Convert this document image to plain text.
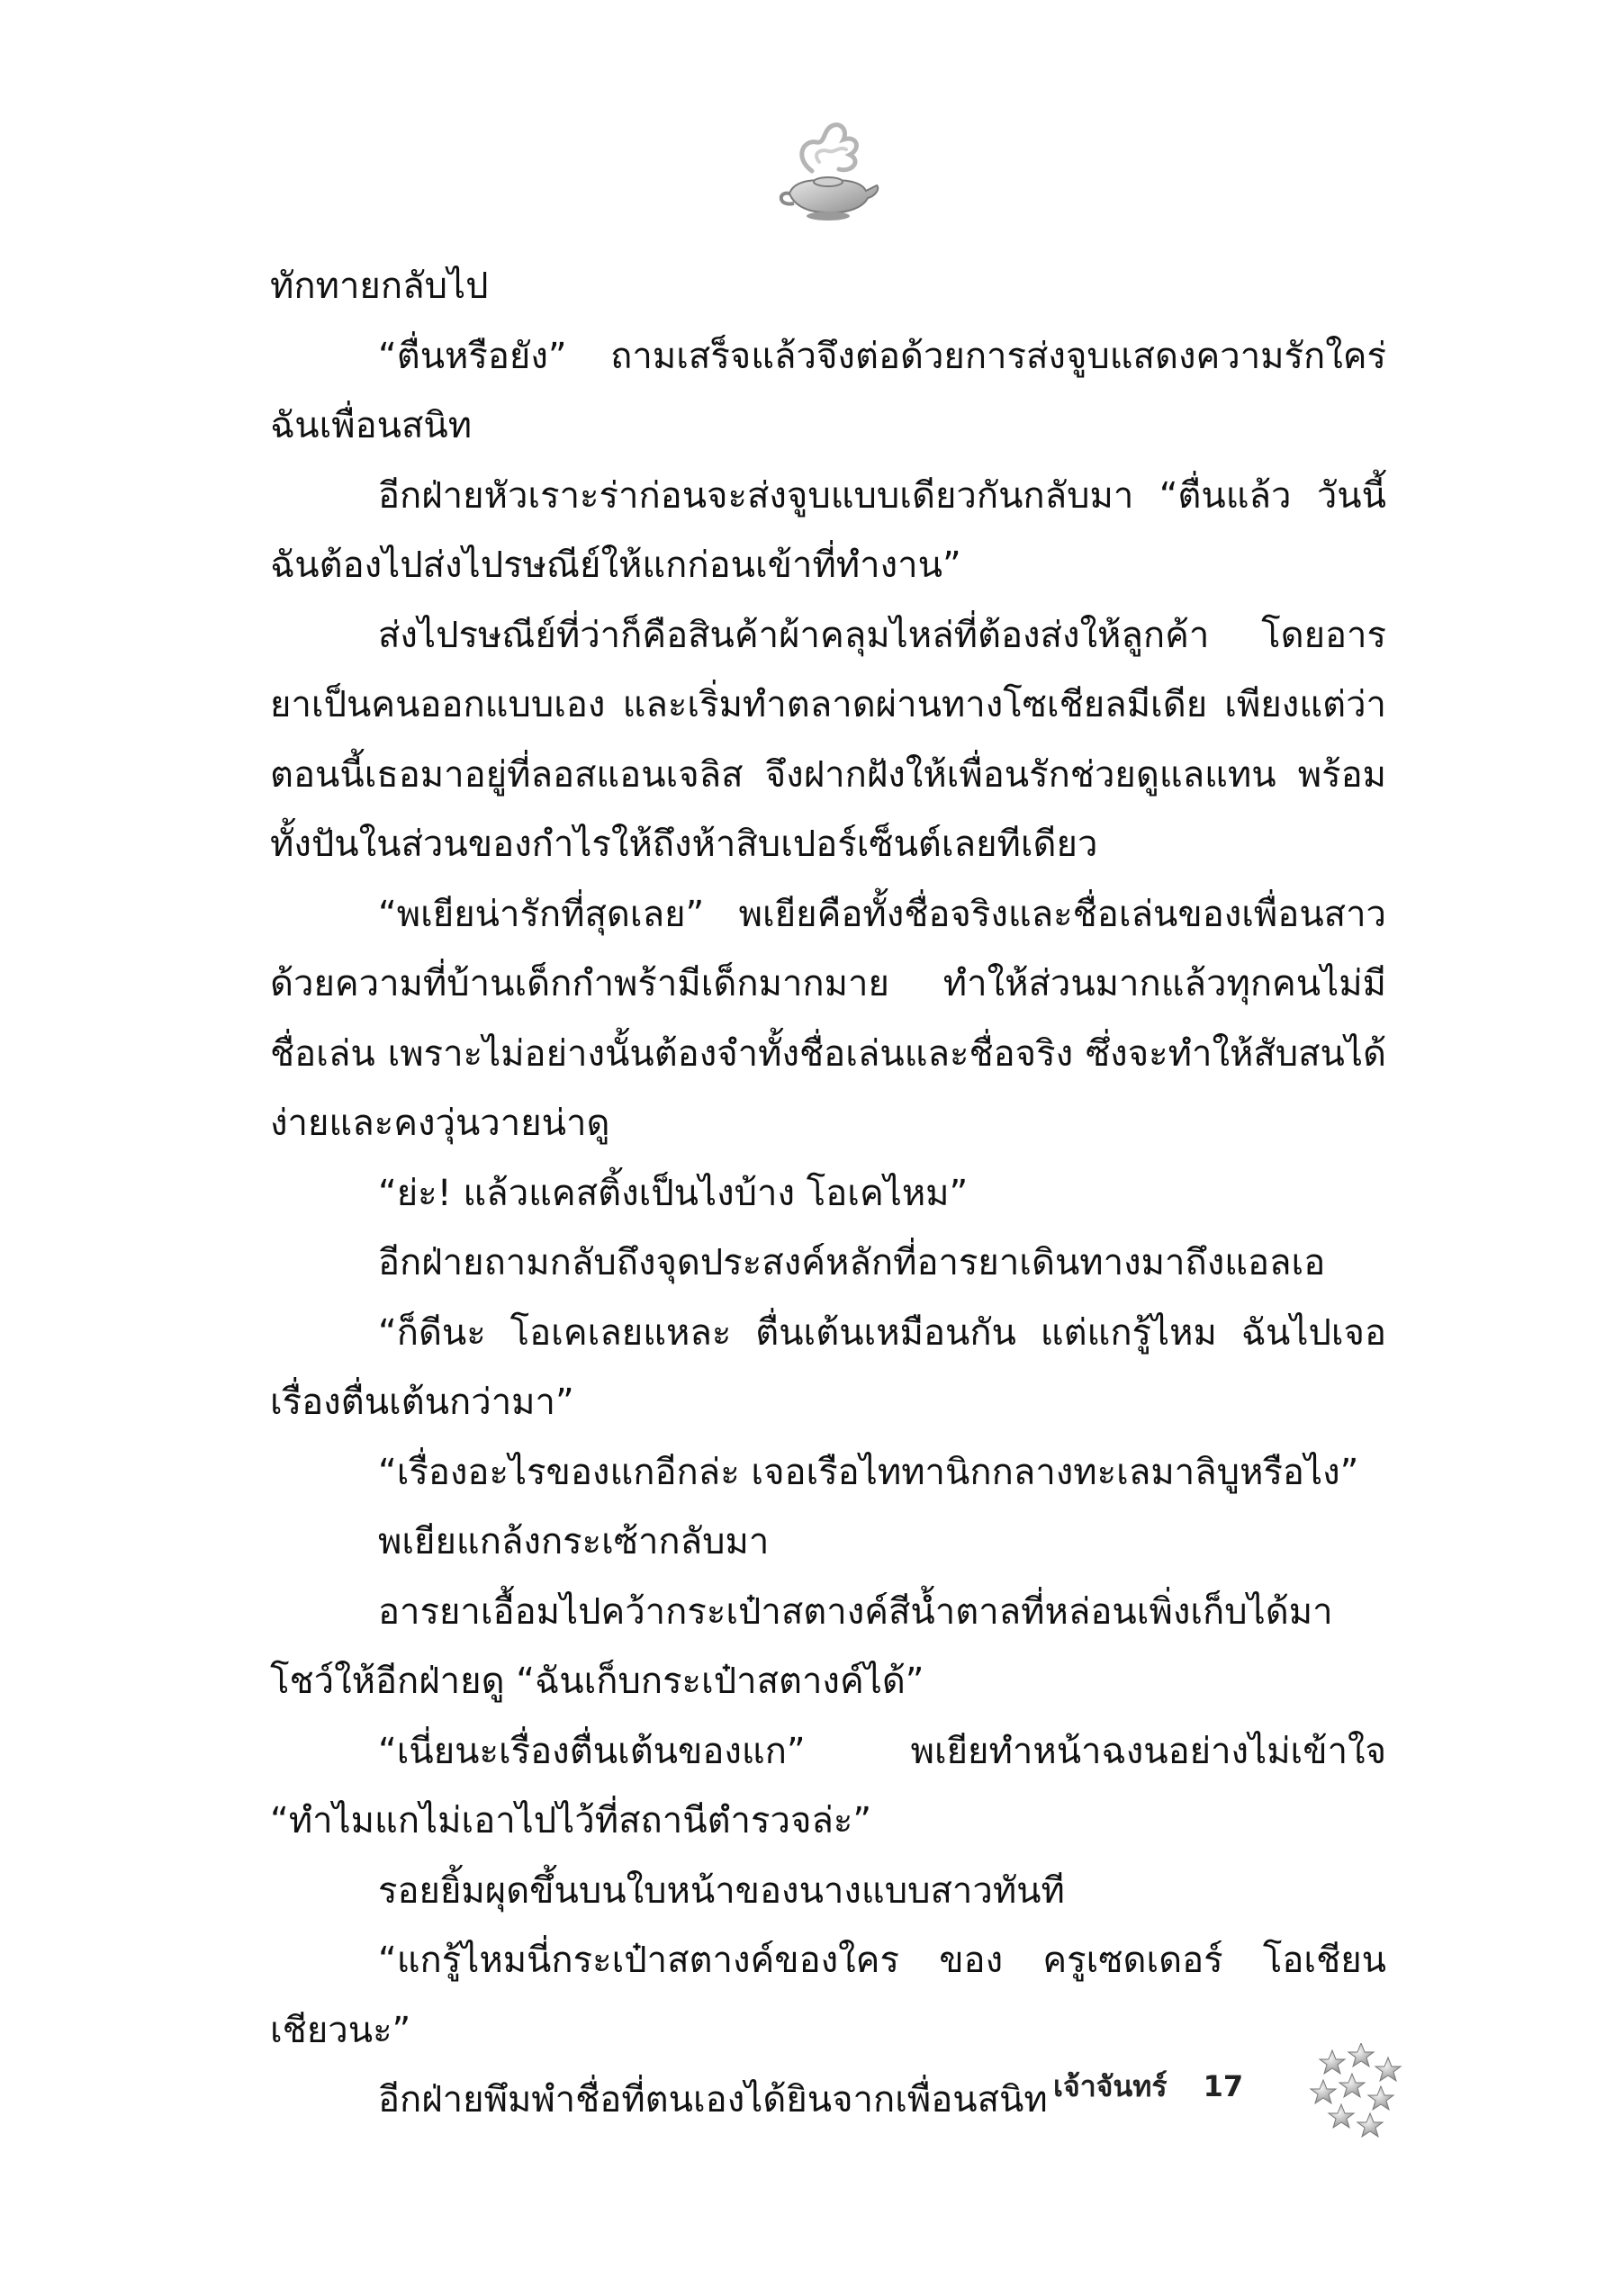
ทักทายกลับไป

“ตื่นหรือยัง” ถามเสร็จแล้วจึงต่อด้วยการส่งจูบแสดงความรักใคร่ฉันเพื่อนสนิท

อีกฝ่ายหัวเราะร่าก่อนจะส่งจูบแบบเดียวกันกลับมา “ตื่นแล้ว วันนี้ฉันต้องไปส่งไปรษณีย์ให้แกก่อนเข้าที่ทำงาน”

ส่งไปรษณีย์ที่ว่าก็คือสินค้าผ้าคลุมไหล่ที่ต้องส่งให้ลูกค้า โดยอารยาเป็นคนออกแบบเอง และเริ่มทำตลาดผ่านทางโซเชียลมีเดีย เพียงแต่ว่าตอนนี้เธอมาอยู่ที่ลอสแอนเจลิส จึงฝากฝังให้เพื่อนรักช่วยดูแลแทน พร้อมทั้งปันในส่วนของกำไรให้ถึงห้าสิบเปอร์เซ็นต์เลยทีเดียว

“พเยียน่ารักที่สุดเลย” พเยียคือทั้งชื่อจริงและชื่อเล่นของเพื่อนสาวด้วยความที่บ้านเด็กกำพร้ามีเด็กมากมาย ทำให้ส่วนมากแล้วทุกคนไม่มีชื่อเล่น เพราะไม่อย่างนั้นต้องจำทั้งชื่อเล่นและชื่อจริง ซึ่งจะทำให้สับสนได้ง่ายและคงวุ่นวายน่าดู

“ย่ะ! แล้วแคสติ้งเป็นไงบ้าง โอเคไหม”

อีกฝ่ายถามกลับถึงจุดประสงค์หลักที่อารยาเดินทางมาถึงแอลเอ

“ก็ดีนะ โอเคเลยแหละ ตื่นเต้นเหมือนกัน แต่แกรู้ไหม ฉันไปเจอเรื่องตื่นเต้นกว่ามา”

“เรื่องอะไรของแกอีกล่ะ เจอเรือไททานิกกลางทะเลมาลิบูหรือไง”

พเยียแกล้งกระเซ้ากลับมา

อารยาเอื้อมไปคว้ากระเป๋าสตางค์สีน้ำตาลที่หล่อนเพิ่งเก็บได้มาโชว์ให้อีกฝ่ายดู “ฉันเก็บกระเป๋าสตางค์ได้”

“เนี่ยนะเรื่องตื่นเต้นของแก” พเยียทำหน้าฉงนอย่างไม่เข้าใจ “ทำไมแกไม่เอาไปไว้ที่สถานีตำรวจล่ะ”

รอยยิ้มผุดขึ้นบนใบหน้าของนางแบบสาวทันที

“แกรู้ไหมนี่กระเป๋าสตางค์ของใคร ของ ครูเซดเดอร์ โอเชียน เชียวนะ”

อีกฝ่ายพึมพำชื่อที่ตนเองได้ยินจากเพื่อนสนิท เจ้าจันทร์ 17
